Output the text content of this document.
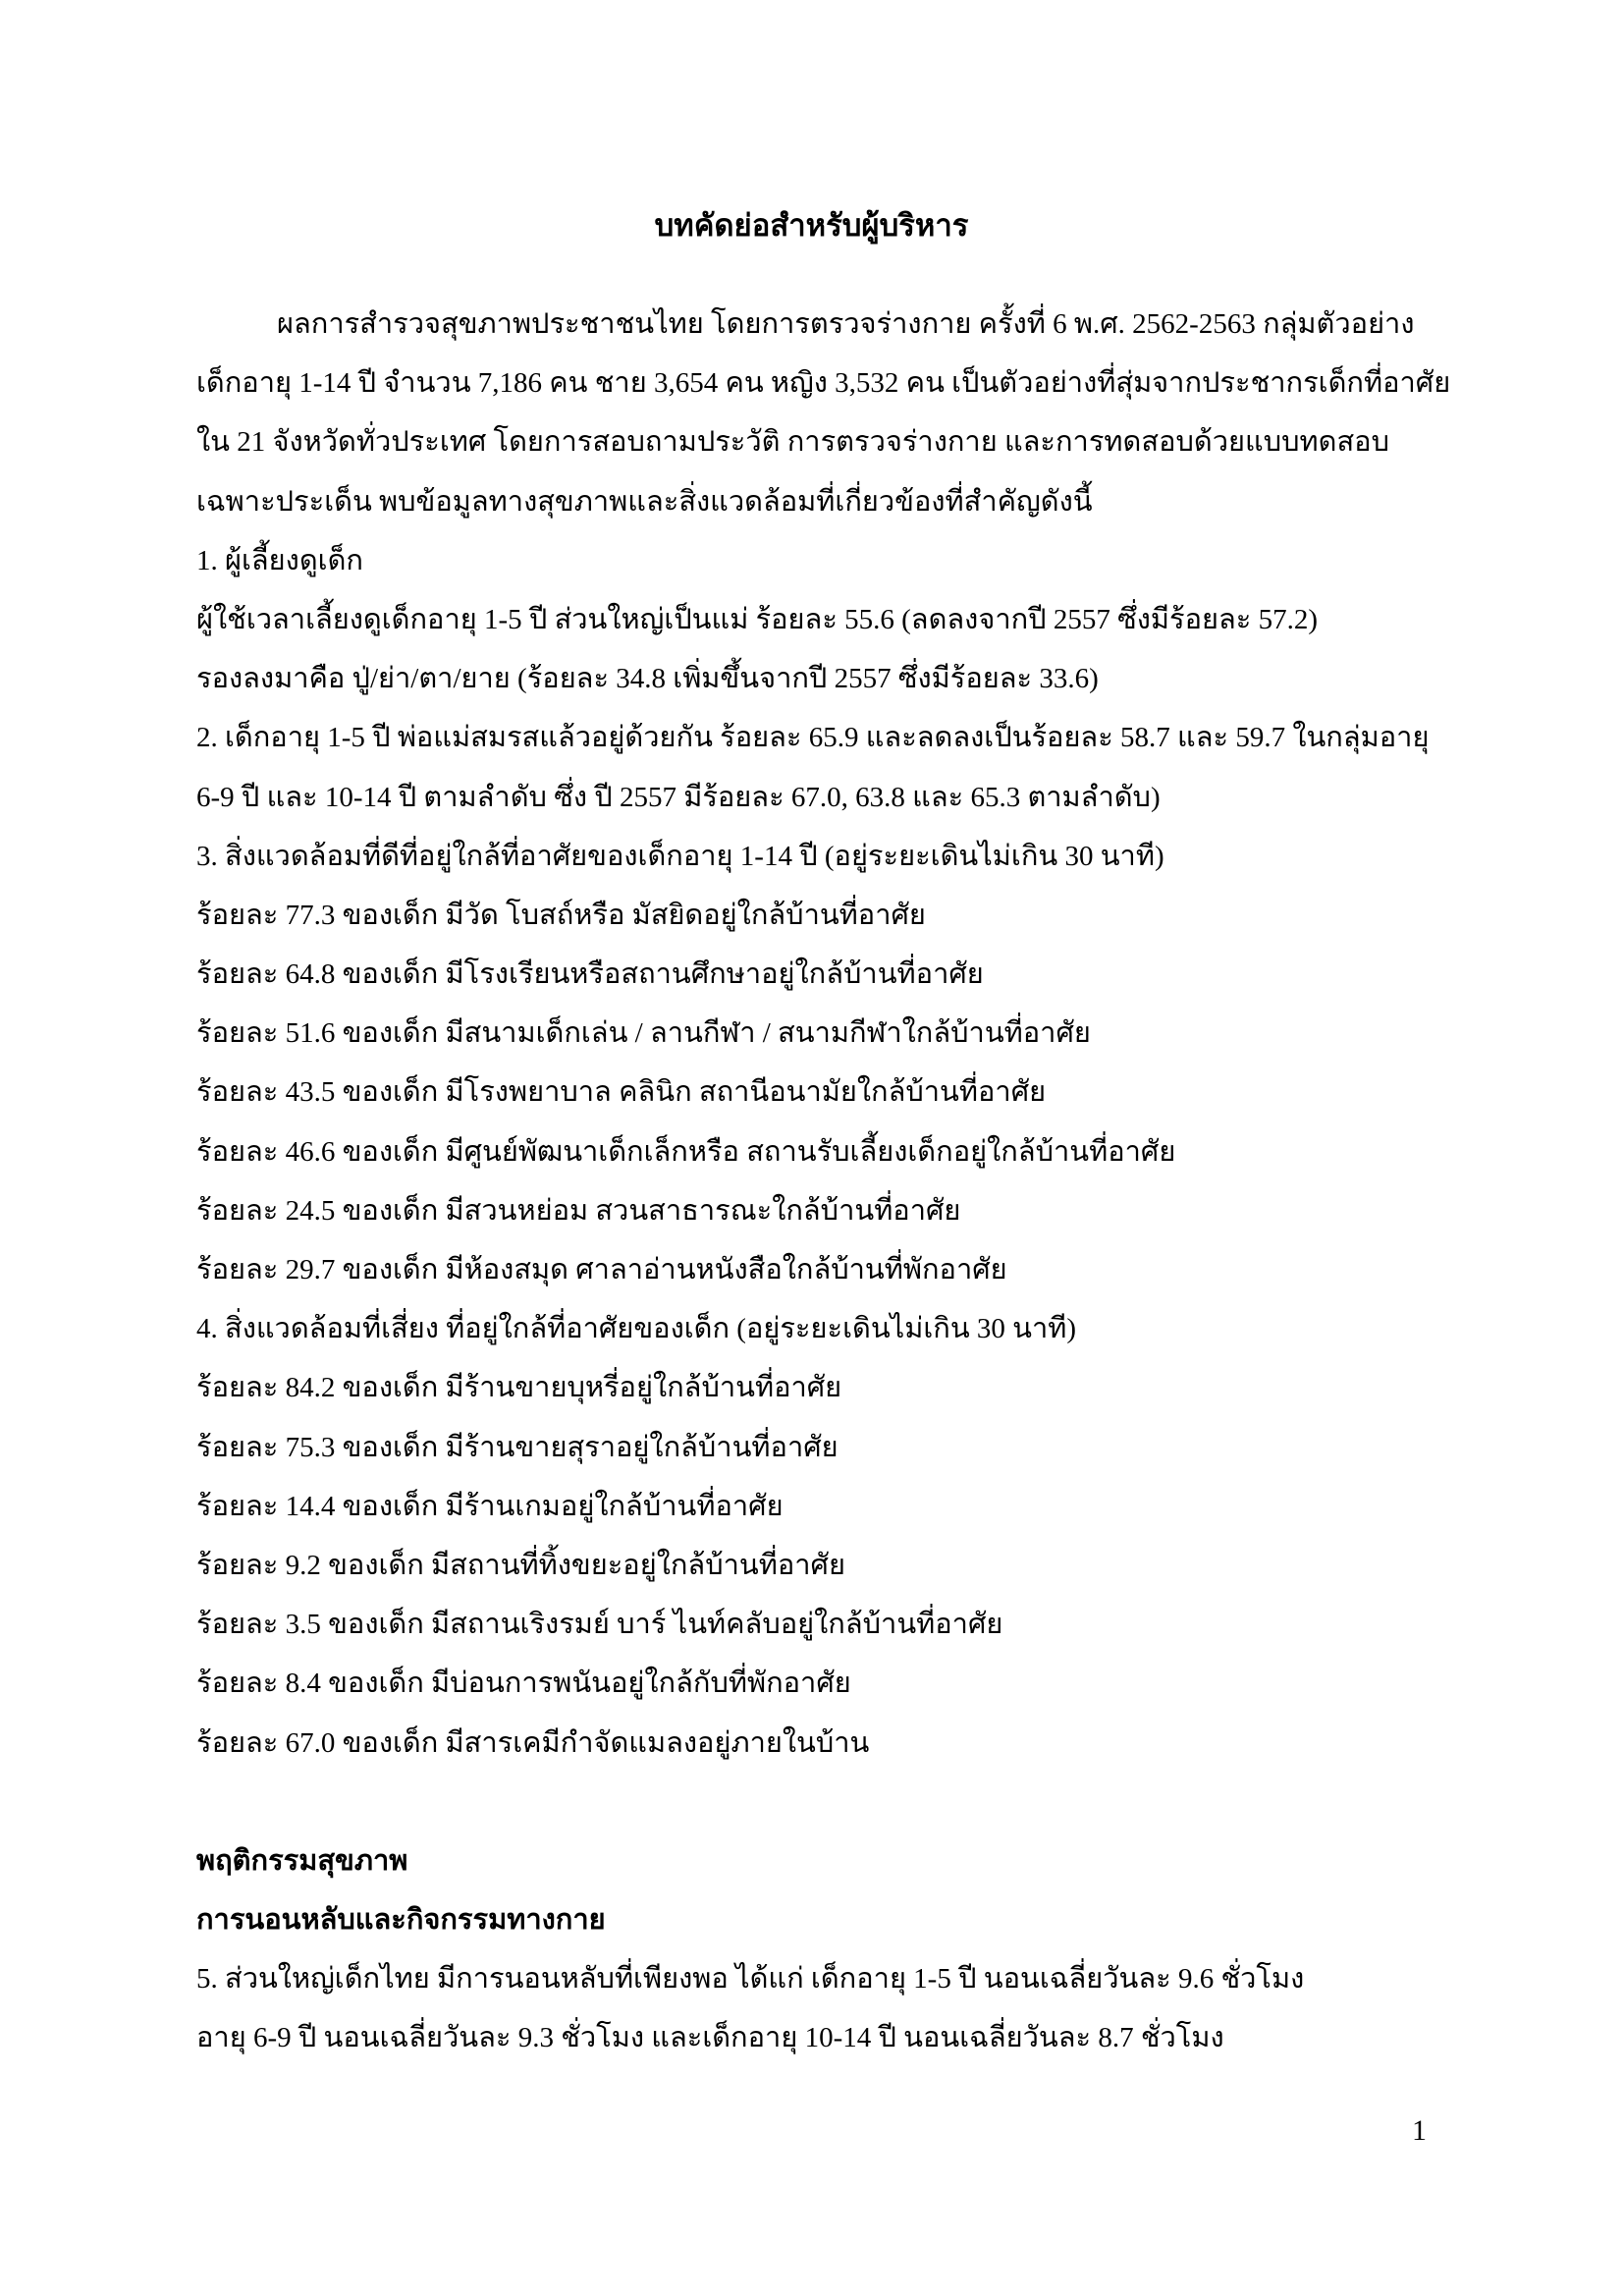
บทคัดย่อสำหรับผู้บริหาร
ผลการสำรวจสุขภาพประชาชนไทย โดยการตรวจร่างกาย ครั้งที่ 6 พ.ศ. 2562-2563 กลุ่มตัวอย่าง
เด็กอายุ 1-14 ปี จำนวน 7,186 คน ชาย 3,654 คน หญิง 3,532 คน เป็นตัวอย่างที่สุ่มจากประชากรเด็กที่อาศัย
ใน 21 จังหวัดทั่วประเทศ โดยการสอบถามประวัติ การตรวจร่างกาย และการทดสอบด้วยแบบทดสอบ
เฉพาะประเด็น พบข้อมูลทางสุขภาพและสิ่งแวดล้อมที่เกี่ยวข้องที่สำคัญดังนี้
1. ผู้เลี้ยงดูเด็ก
ผู้ใช้เวลาเลี้ยงดูเด็กอายุ 1-5 ปี ส่วนใหญ่เป็นแม่ ร้อยละ 55.6 (ลดลงจากปี 2557 ซึ่งมีร้อยละ 57.2)
รองลงมาคือ ปู่/ย่า/ตา/ยาย (ร้อยละ 34.8 เพิ่มขึ้นจากปี 2557 ซึ่งมีร้อยละ 33.6)
2. เด็กอายุ 1-5 ปี พ่อแม่สมรสแล้วอยู่ด้วยกัน ร้อยละ 65.9 และลดลงเป็นร้อยละ 58.7 และ 59.7 ในกลุ่มอายุ
6-9 ปี และ 10-14 ปี ตามลำดับ ซึ่ง ปี 2557 มีร้อยละ 67.0, 63.8 และ 65.3 ตามลำดับ)
3. สิ่งแวดล้อมที่ดีที่อยู่ใกล้ที่อาศัยของเด็กอายุ 1-14 ปี (อยู่ระยะเดินไม่เกิน 30 นาที)
ร้อยละ 77.3 ของเด็ก มีวัด โบสถ์หรือ มัสยิดอยู่ใกล้บ้านที่อาศัย
ร้อยละ 64.8 ของเด็ก มีโรงเรียนหรือสถานศึกษาอยู่ใกล้บ้านที่อาศัย
ร้อยละ 51.6 ของเด็ก มีสนามเด็กเล่น / ลานกีฬา / สนามกีฬาใกล้บ้านที่อาศัย
ร้อยละ 43.5 ของเด็ก มีโรงพยาบาล คลินิก สถานีอนามัยใกล้บ้านที่อาศัย
ร้อยละ 46.6 ของเด็ก มีศูนย์พัฒนาเด็กเล็กหรือ สถานรับเลี้ยงเด็กอยู่ใกล้บ้านที่อาศัย
ร้อยละ 24.5 ของเด็ก มีสวนหย่อม สวนสาธารณะใกล้บ้านที่อาศัย
ร้อยละ 29.7 ของเด็ก มีห้องสมุด ศาลาอ่านหนังสือใกล้บ้านที่พักอาศัย
4. สิ่งแวดล้อมที่เสี่ยง ที่อยู่ใกล้ที่อาศัยของเด็ก (อยู่ระยะเดินไม่เกิน 30 นาที)
ร้อยละ 84.2 ของเด็ก มีร้านขายบุหรี่อยู่ใกล้บ้านที่อาศัย
ร้อยละ 75.3 ของเด็ก มีร้านขายสุราอยู่ใกล้บ้านที่อาศัย
ร้อยละ 14.4 ของเด็ก มีร้านเกมอยู่ใกล้บ้านที่อาศัย
ร้อยละ 9.2 ของเด็ก มีสถานที่ทิ้งขยะอยู่ใกล้บ้านที่อาศัย
ร้อยละ 3.5 ของเด็ก มีสถานเริงรมย์ บาร์ ไนท์คลับอยู่ใกล้บ้านที่อาศัย
ร้อยละ 8.4 ของเด็ก มีบ่อนการพนันอยู่ใกล้กับที่พักอาศัย
ร้อยละ 67.0 ของเด็ก มีสารเคมีกำจัดแมลงอยู่ภายในบ้าน
พฤติกรรมสุขภาพ
การนอนหลับและกิจกรรมทางกาย
5. ส่วนใหญ่เด็กไทย มีการนอนหลับที่เพียงพอ ได้แก่ เด็กอายุ 1-5 ปี นอนเฉลี่ยวันละ 9.6 ชั่วโมง
อายุ 6-9 ปี นอนเฉลี่ยวันละ 9.3 ชั่วโมง และเด็กอายุ 10-14 ปี นอนเฉลี่ยวันละ 8.7 ชั่วโมง
1
